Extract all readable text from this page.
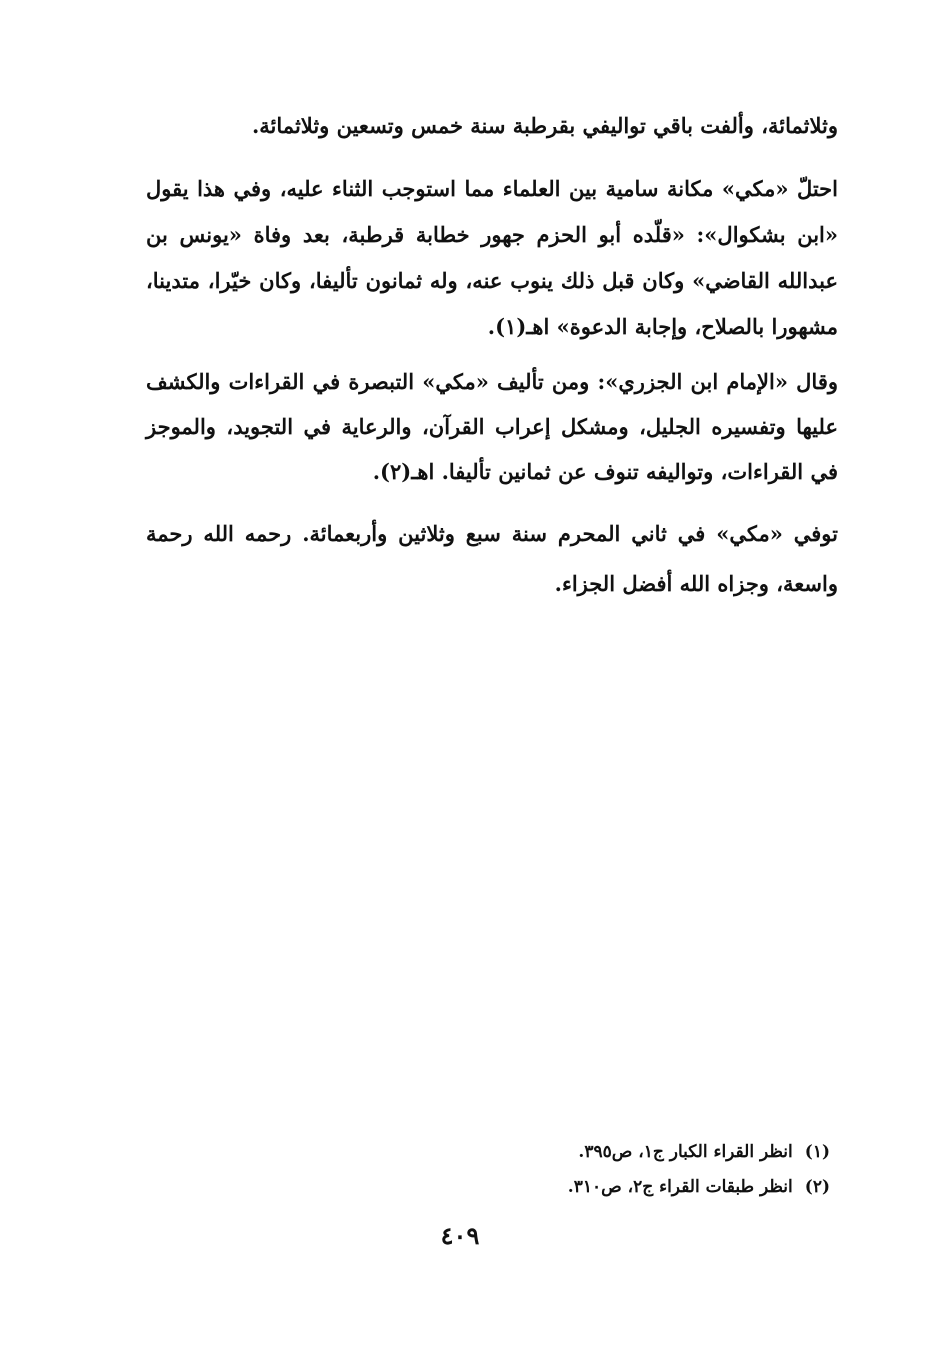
وثلاثمائة، وألفت باقي تواليفي بقرطبة سنة خمس وتسعين وثلاثمائة.

احتلّ «مكي» مكانة سامية بين العلماء مما استوجب الثناء عليه، وفي هذا يقول «ابن بشكوال»: «قلّده أبو الحزم جهور خطابة قرطبة، بعد وفاة «يونس بن عبدالله القاضي» وكان قبل ذلك ينوب عنه، وله ثمانون تأليفا، وكان خيّرا، متدينا، مشهورا بالصلاح، وإجابة الدعوة» اهـ(١).

وقال «الإمام ابن الجزري»: ومن تأليف «مكي» التبصرة في القراءات والكشف عليها وتفسيره الجليل، ومشكل إعراب القرآن، والرعاية في التجويد، والموجز في القراءات، وتواليفه تنوف عن ثمانين تأليفا. اهـ(٢).

توفي «مكي» في ثاني المحرم سنة سبع وثلاثين وأربعمائة. رحمه الله رحمة واسعة، وجزاه الله أفضل الجزاء.

(١)انظر القراء الكبار ج١، ص٣٩٥.
(٢)انظر طبقات القراء ج٢، ص٣١٠.
٤٠٩
